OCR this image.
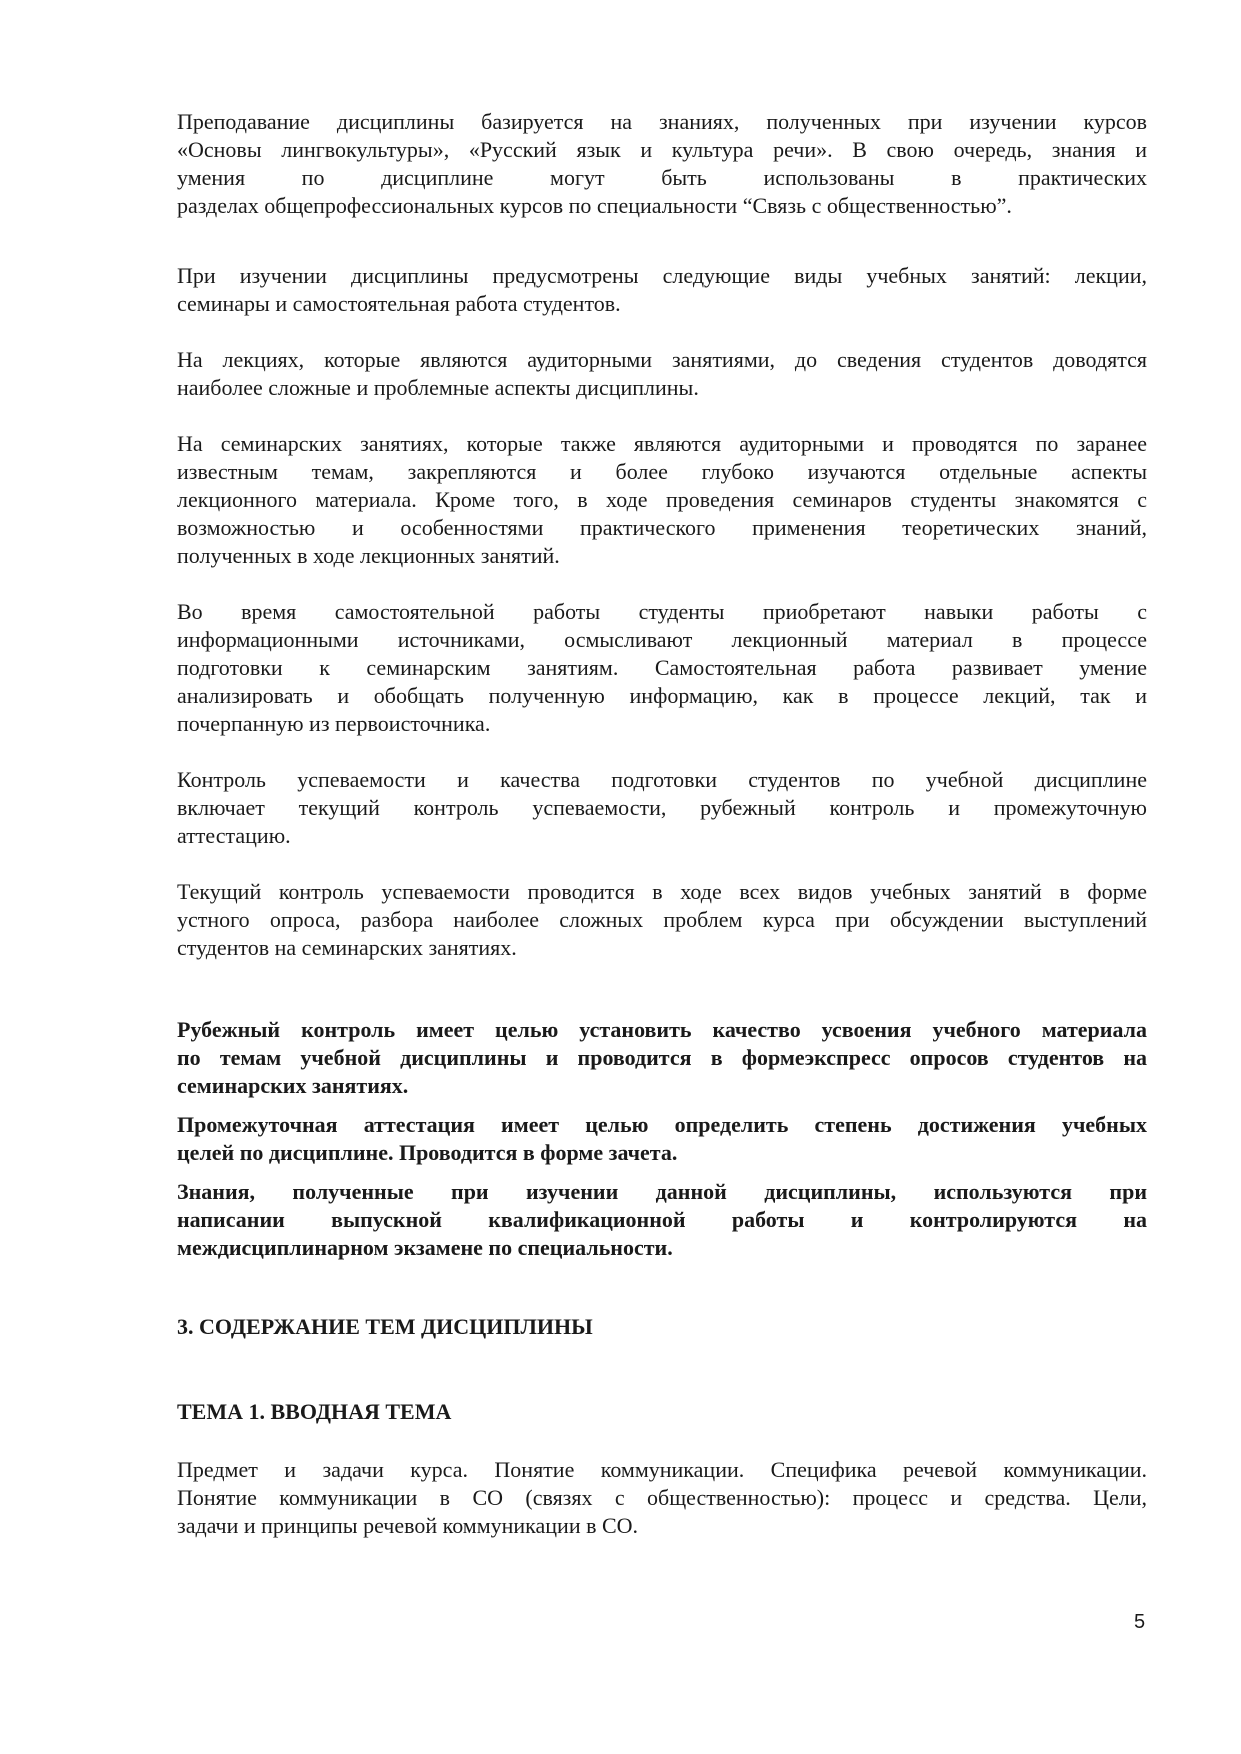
Преподавание дисциплины базируется на знаниях, полученных при изучении курсов
«Основы лингвокультуры», «Русский язык и культура речи». В свою очередь, знания и
умения по дисциплине могут быть использованы в практических
разделах общепрофессиональных курсов по специальности “Связь с общественностью”.
При изучении дисциплины предусмотрены следующие виды учебных занятий: лекции,
семинары и самостоятельная работа студентов.
На лекциях, которые являются аудиторными занятиями, до сведения студентов доводятся
наиболее сложные и проблемные аспекты дисциплины.
На семинарских занятиях, которые также являются аудиторными и проводятся по заранее
известным темам, закрепляются и более глубоко изучаются отдельные аспекты
лекционного материала. Кроме того, в ходе проведения семинаров студенты знакомятся с
возможностью и особенностями практического применения теоретических знаний,
полученных в ходе лекционных занятий.
Во время самостоятельной работы студенты приобретают навыки работы с
информационными источниками, осмысливают лекционный материал в процессе
подготовки к семинарским занятиям. Самостоятельная работа развивает умение
анализировать и обобщать полученную информацию, как в процессе лекций, так и
почерпанную из первоисточника.
Контроль успеваемости и качества подготовки студентов по учебной дисциплине
включает текущий контроль успеваемости, рубежный контроль и промежуточную
аттестацию.
Текущий контроль успеваемости проводится в ходе всех видов учебных занятий в форме
устного опроса, разбора наиболее сложных проблем курса при обсуждении выступлений
студентов на семинарских занятиях.
Рубежный контроль имеет целью установить качество усвоения учебного материала
по темам учебной дисциплины и проводится в формеэкспресс опросов студентов на
семинарских занятиях.
Промежуточная аттестация имеет целью определить степень достижения учебных
целей по дисциплине. Проводится в форме зачета.
Знания, полученные при изучении данной дисциплины, используются при
написании выпускной квалификационной работы и контролируются на
междисциплинарном экзамене по специальности.
3. СОДЕРЖАНИЕ ТЕМ ДИСЦИПЛИНЫ
ТЕМА 1. ВВОДНАЯ ТЕМА
Предмет и задачи курса. Понятие коммуникации. Специфика речевой коммуникации.
Понятие коммуникации в СО (связях с общественностью): процесс и средства. Цели,
задачи и принципы речевой коммуникации в СО.
5
